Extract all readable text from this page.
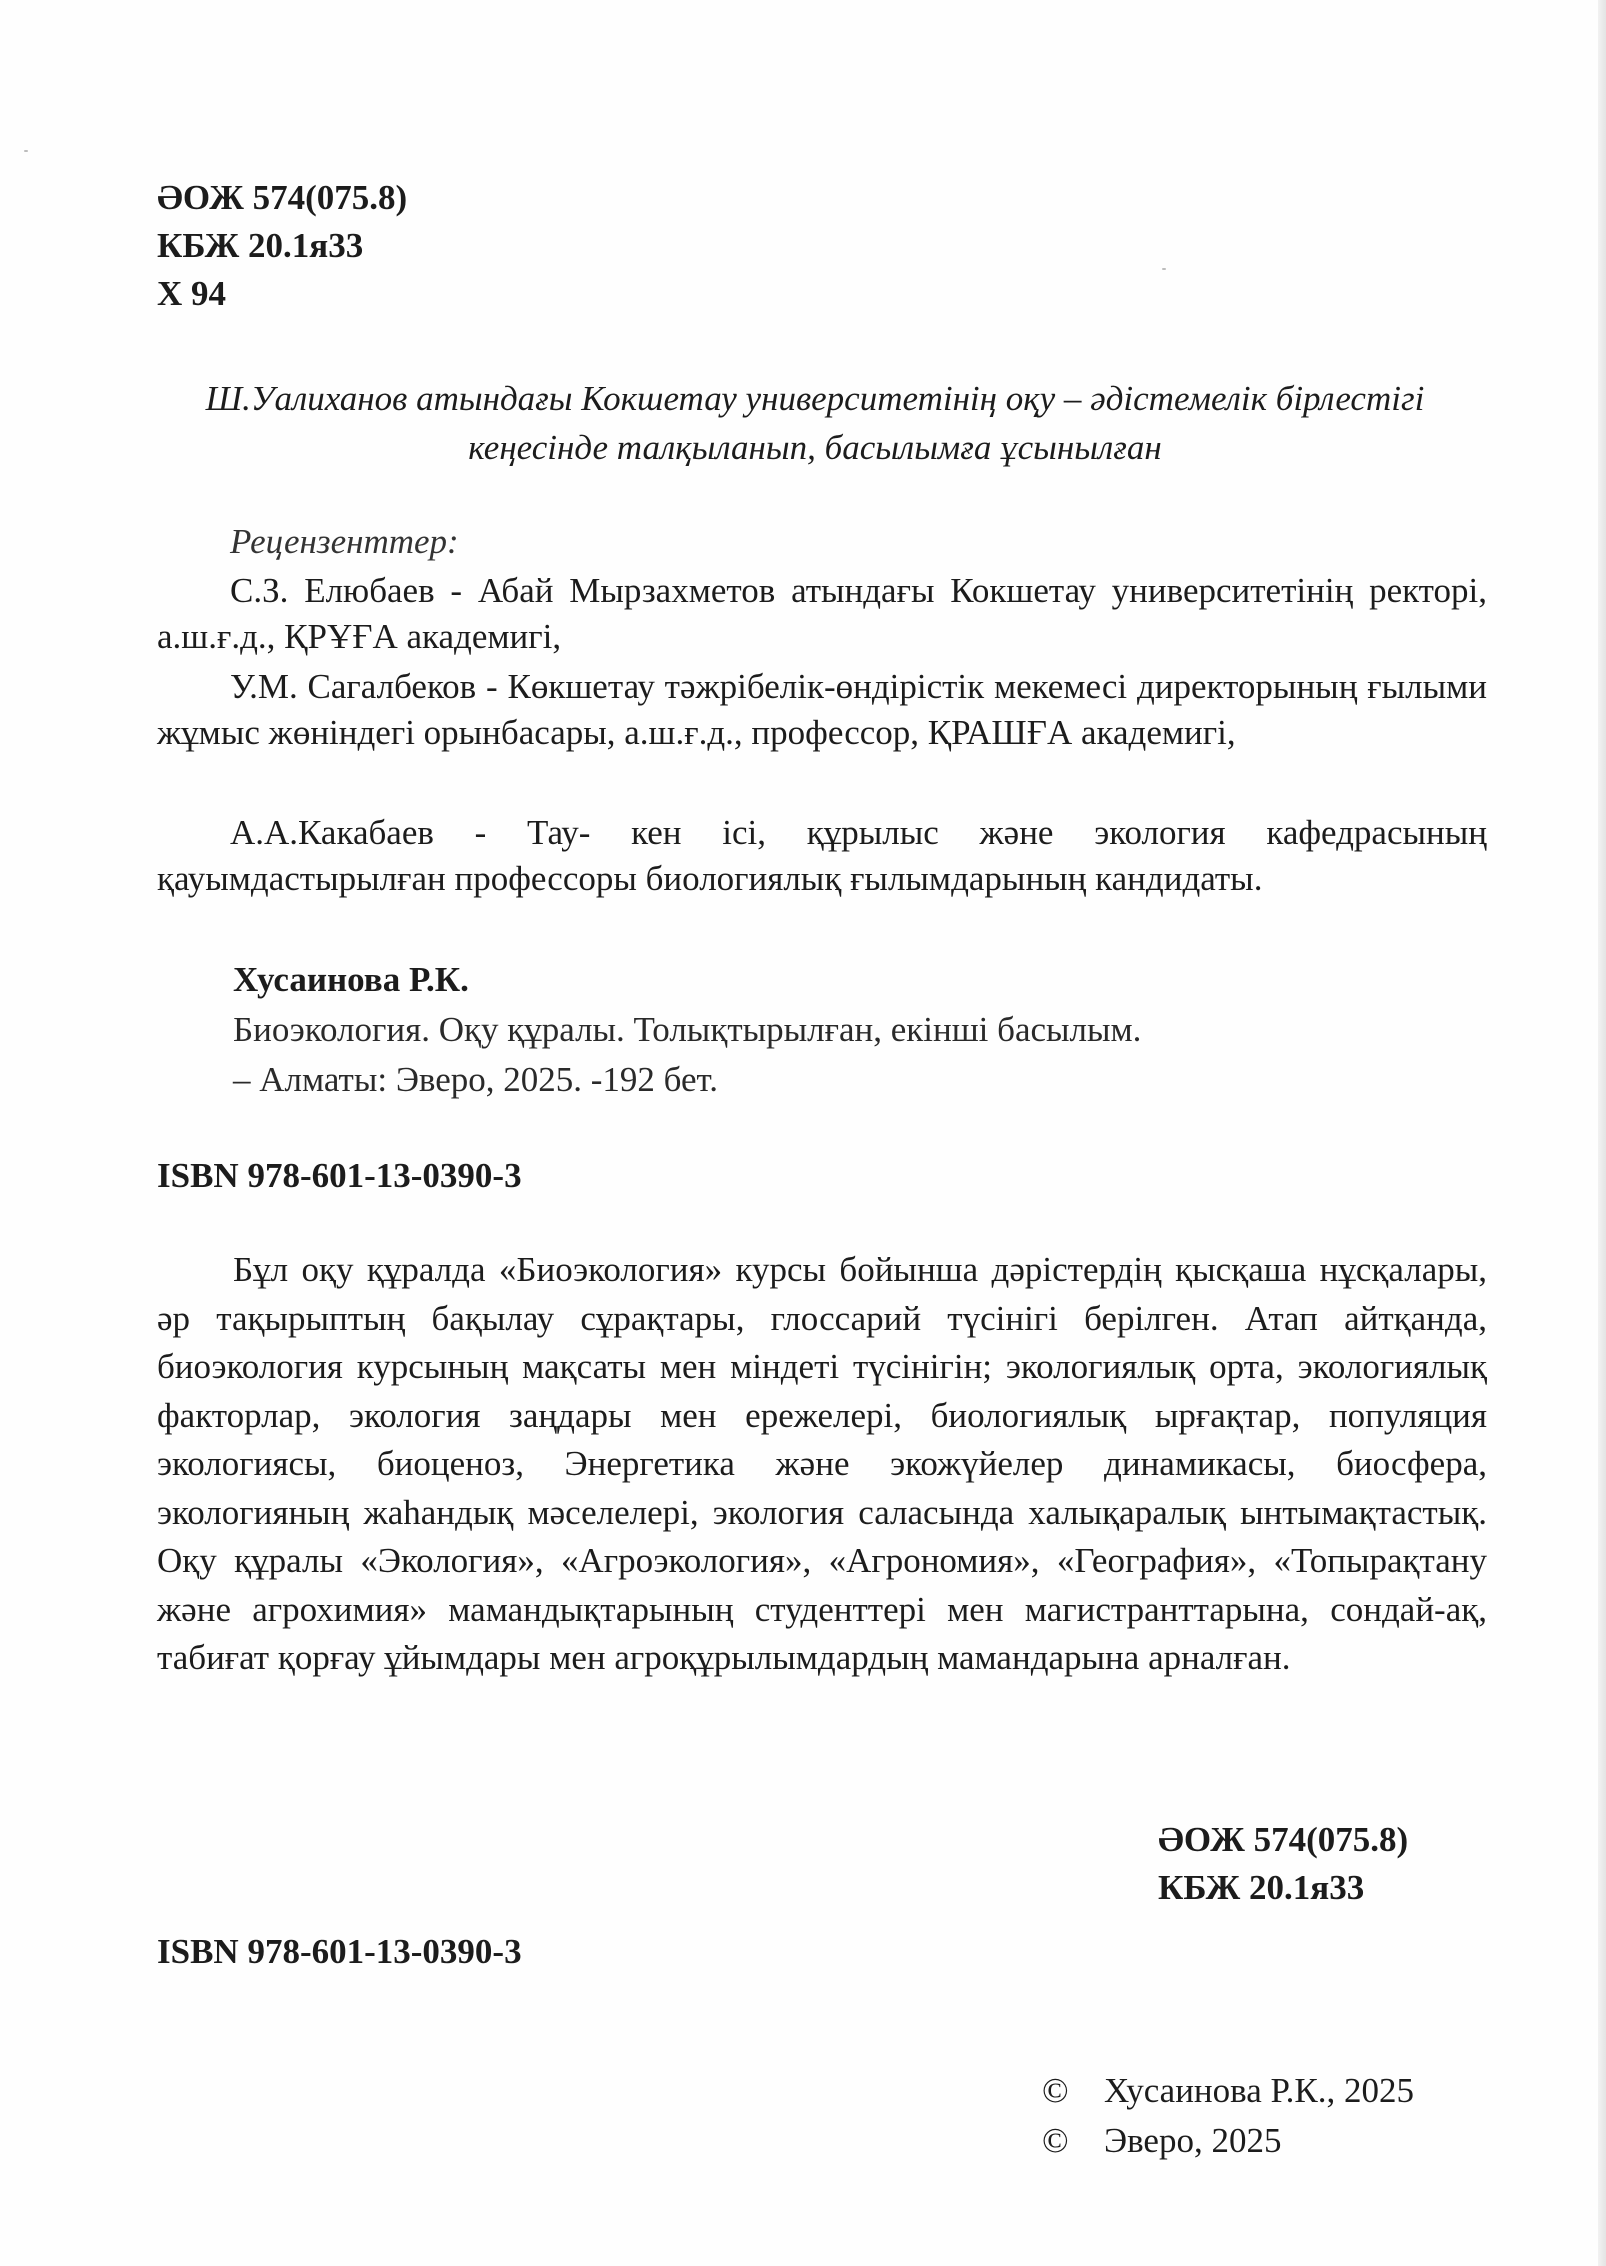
ӘОЖ 574(075.8)
КБЖ 20.1я33
Х 94

Ш.Уалиханов атындағы Кокшетау университетінің оқу – әдістемелік бірлестігі кеңесінде талқыланып, басылымға ұсынылған

Рецензенттер:

С.З. Елюбаев - Абай Мырзахметов атындағы Кокшетау университетінің ректорі, а.ш.ғ.д., ҚРҰҒА академигі,

У.М. Сагалбеков - Көкшетау тәжрібелік-өндірістік мекемесі директорының ғылыми жұмыс жөніндегі орынбасары, а.ш.ғ.д., профессор, ҚРАШҒА академигі,

А.А.Какабаев - Тау- кен ісі, құрылыс және экология кафедрасының қауымдастырылған профессоры биологиялық ғылымдарының кандидаты.

Хусаинова Р.К.
Биоэкология. Оқу құралы. Толықтырылған, екінші басылым.
– Алматы: Эверо, 2025. -192 бет.
ISBN 978-601-13-0390-3

Бұл оқу құралда «Биоэкология» курсы бойынша дәрістердің қысқаша нұсқалары, әр тақырыптың бақылау сұрақтары, глоссарий түсінігі берілген. Атап айтқанда, биоэкология курсының мақсаты мен міндеті түсінігін; экологиялық орта, экологиялық факторлар, экология заңдары мен ережелері, биологиялық ырғақтар, популяция экологиясы, биоценоз, Энергетика және экожүйелер динамикасы, биосфера, экологияның жаһандық мәселелері, экология саласында халықаралық ынтымақтастық. Оқу құралы «Экология», «Агроэкология», «Агрономия», «География», «Топырақтану және агрохимия» мамандықтарының студенттері мен магистранттарына, сондай-ақ, табиғат қорғау ұйымдары мен агроқұрылымдардың мамандарына арналған.

ӘОЖ 574(075.8)
КБЖ 20.1я33
ISBN 978-601-13-0390-3
© Хусаинова Р.К., 2025
© Эверо, 2025
